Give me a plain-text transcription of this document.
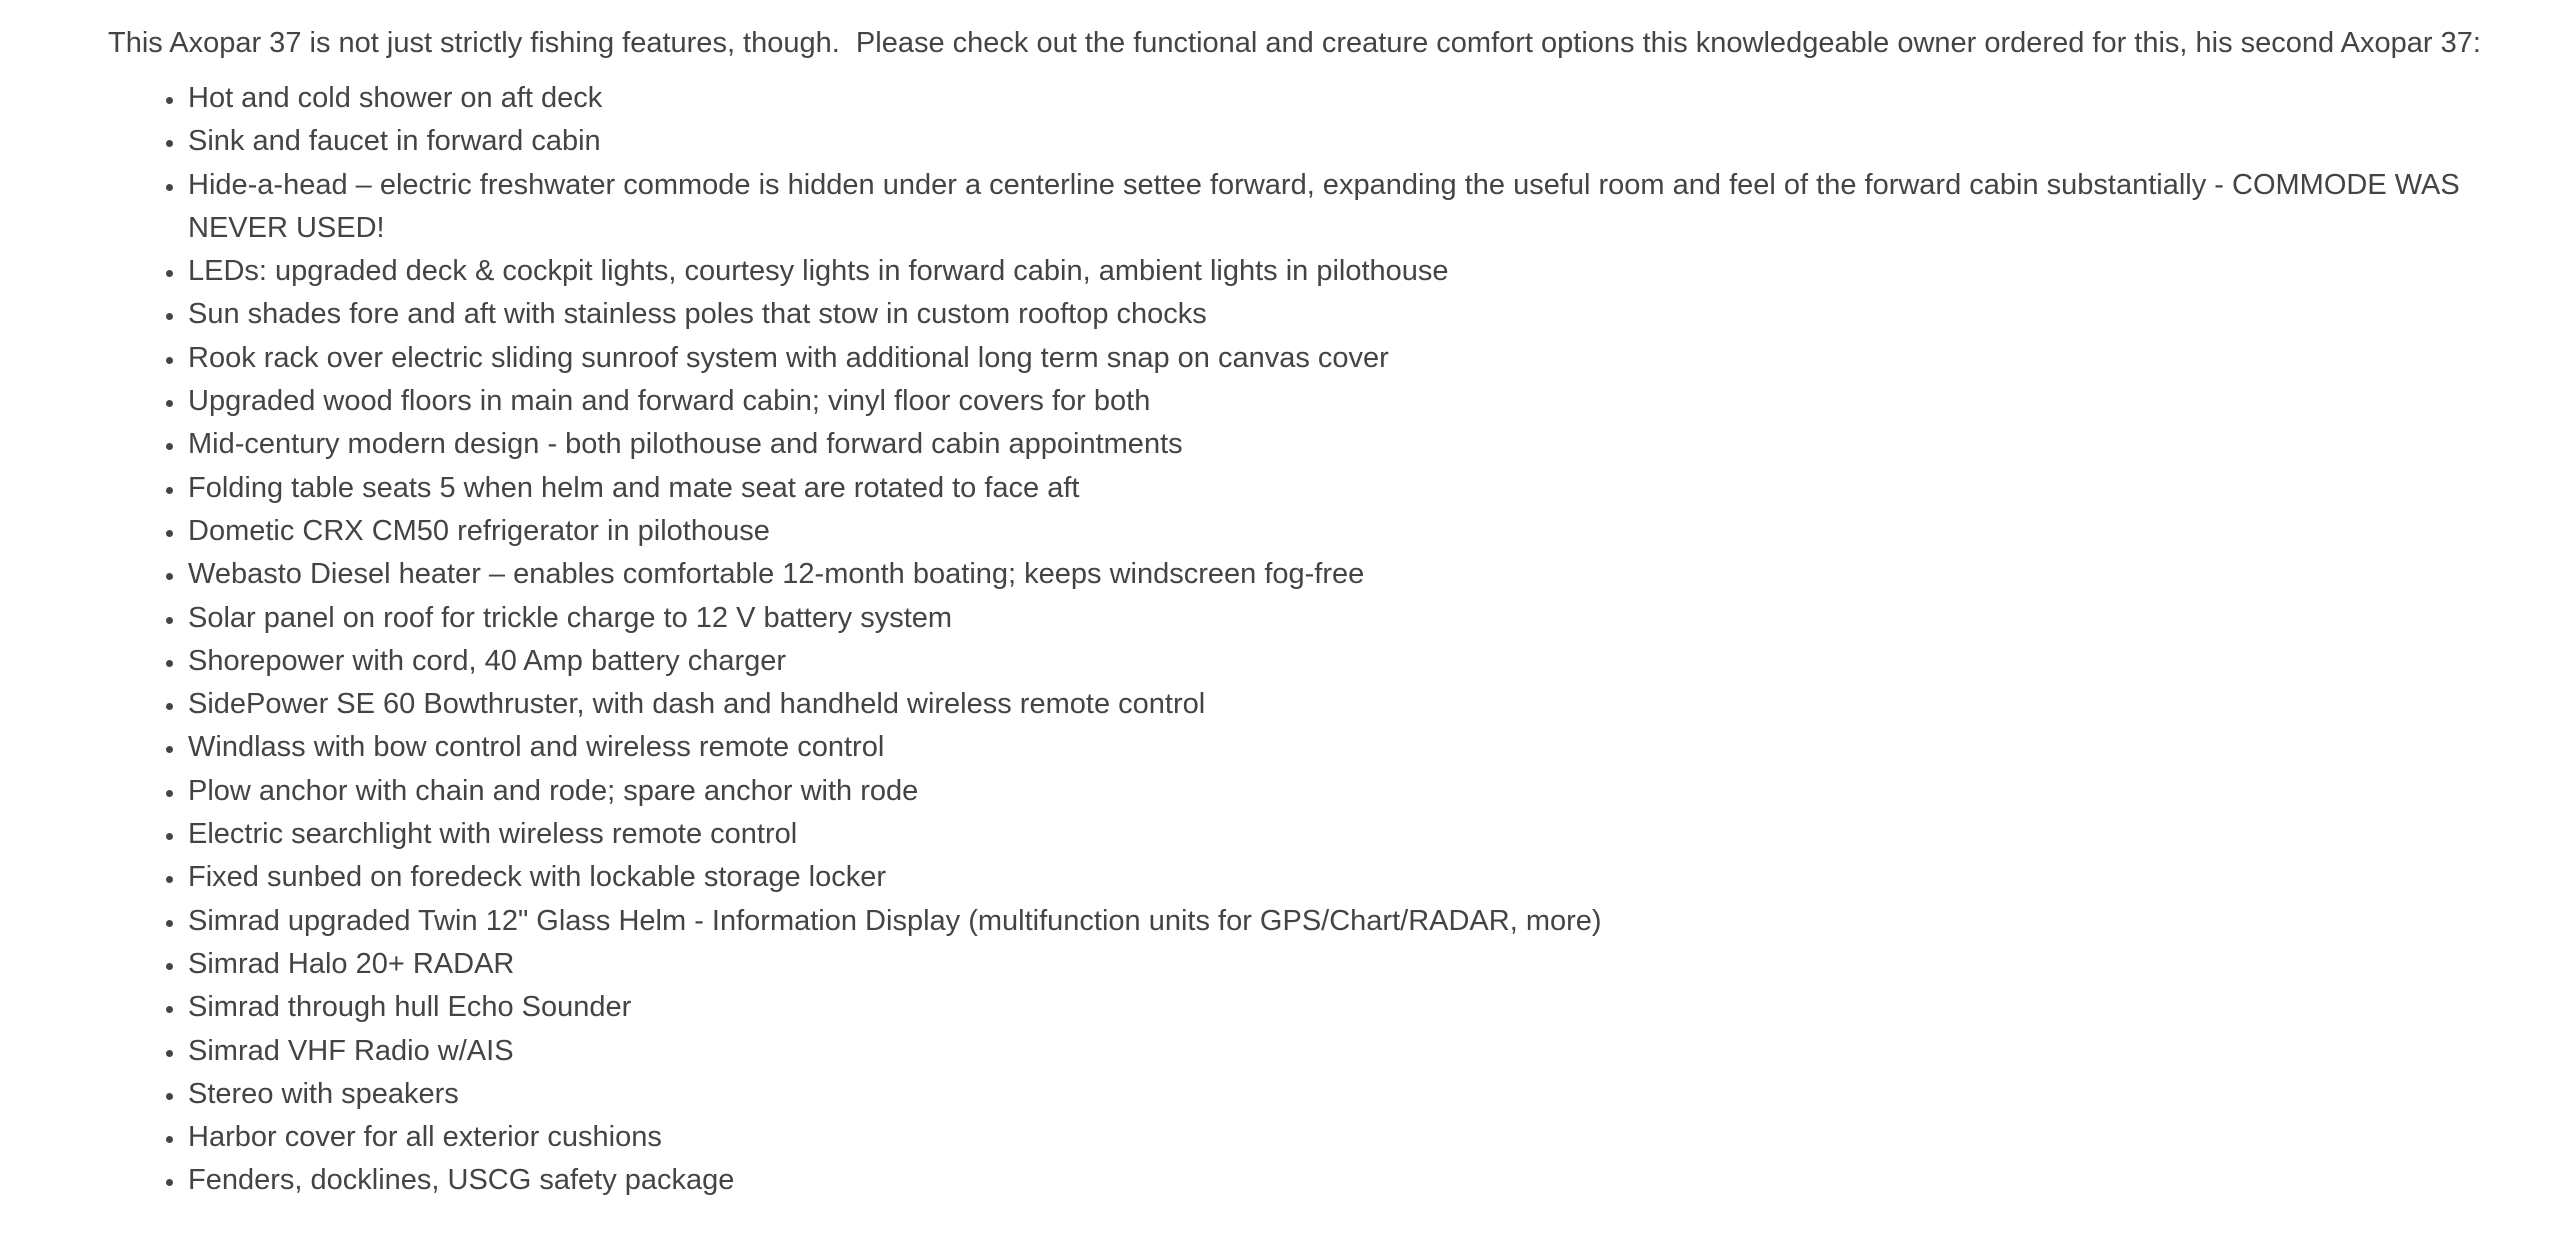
This Axopar 37 is not just strictly fishing features, though.  Please check out the functional and creature comfort options this knowledgeable owner ordered for this, his second Axopar 37:

• Hot and cold shower on aft deck
• Sink and faucet in forward cabin
• Hide-a-head – electric freshwater commode is hidden under a centerline settee forward, expanding the useful room and feel of the forward cabin substantially - COMMODE WAS NEVER USED!
• LEDs: upgraded deck & cockpit lights, courtesy lights in forward cabin, ambient lights in pilothouse
• Sun shades fore and aft with stainless poles that stow in custom rooftop chocks
• Rook rack over electric sliding sunroof system with additional long term snap on canvas cover
• Upgraded wood floors in main and forward cabin; vinyl floor covers for both
• Mid-century modern design - both pilothouse and forward cabin appointments
• Folding table seats 5 when helm and mate seat are rotated to face aft
• Dometic CRX CM50 refrigerator in pilothouse
• Webasto Diesel heater – enables comfortable 12-month boating; keeps windscreen fog-free
• Solar panel on roof for trickle charge to 12 V battery system
• Shorepower with cord, 40 Amp battery charger
• SidePower SE 60 Bowthruster, with dash and handheld wireless remote control
• Windlass with bow control and wireless remote control
• Plow anchor with chain and rode; spare anchor with rode
• Electric searchlight with wireless remote control
• Fixed sunbed on foredeck with lockable storage locker
• Simrad upgraded Twin 12" Glass Helm - Information Display (multifunction units for GPS/Chart/RADAR, more)
• Simrad Halo 20+ RADAR
• Simrad through hull Echo Sounder
• Simrad VHF Radio w/AIS
• Stereo with speakers
• Harbor cover for all exterior cushions
• Fenders, docklines, USCG safety package
